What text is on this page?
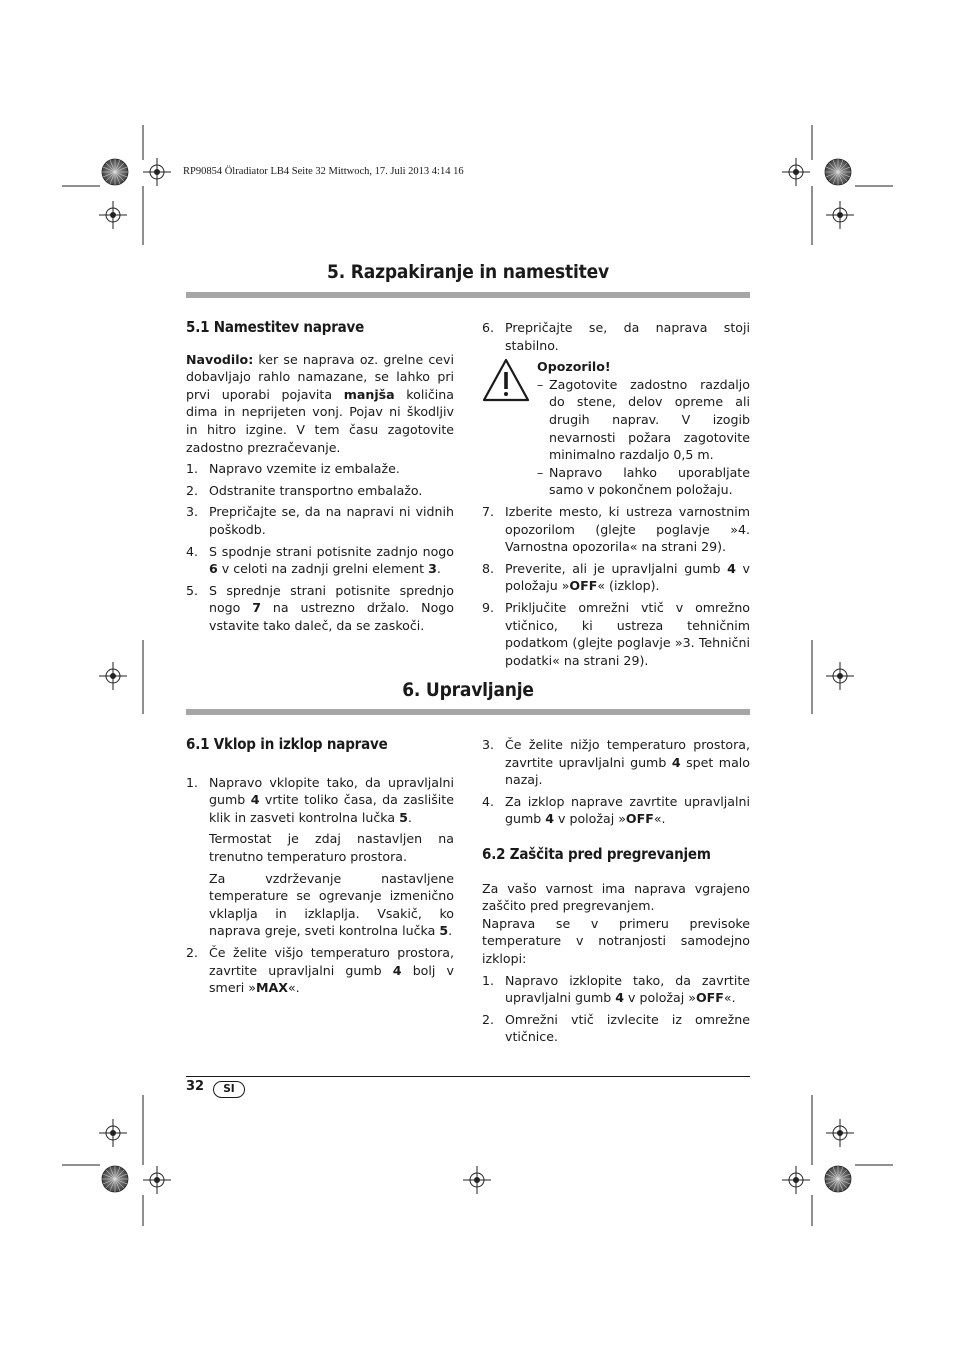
RP90854 Ölradiator LB4 Seite 32 Mittwoch, 17. Juli 2013 4:14 16
5. Razpakiranje in namestitev
5.1 Namestitev naprave

Navodilo: ker se naprava oz. grelne cevi dobavljajo rahlo namazane, se lahko pri prvi uporabi pojavita manjša količina dima in neprijeten vonj. Pojav ni škodljiv in hitro izgine. V tem času zagotovite zadostno prezračevanje.

1. Napravo vzemite iz embalaže.
2. Odstranite transportno embalažo.
3. Prepričajte se, da na napravi ni vidnih poškodb.
4. S spodnje strani potisnite zadnjo nogo 6 v celoti na zadnji grelni element 3.
5. S sprednje strani potisnite sprednjo nogo 7 na ustrezno držalo. Nogo vstavite tako daleč, da se zaskoči.
6. Prepričajte se, da naprava stoji stabilno.
Opozorilo!
– Zagotovite zadostno razdaljo do stene, delov opreme ali drugih naprav. V izogib nevarnosti požara zagotovite minimalno razdaljo 0,5 m.
– Napravo lahko uporabljate samo v pokončnem položaju.
7. Izberite mesto, ki ustreza varnostnim opozorilom (glejte poglavje »4. Varnostna opozorila« na strani 29).
8. Preverite, ali je upravljalni gumb 4 v položaju »OFF« (izklop).
9. Priključite omrežni vtič v omrežno vtičnico, ki ustreza tehničnim podatkom (glejte poglavje »3. Tehnični podatki« na strani 29).
6. Upravljanje
6.1 Vklop in izklop naprave
1. Napravo vklopite tako, da upravljalni gumb 4 vrtite toliko časa, da zaslišite klik in zasveti kontrolna lučka 5.

Termostat je zdaj nastavljen na trenutno temperaturo prostora.

Za vzdrževanje nastavljene temperature se ogrevanje izmenično vklaplja in izklaplja. Vsakič, ko naprava greje, sveti kontrolna lučka 5.

2. Če želite višjo temperaturo prostora, zavrtite upravljalni gumb 4 bolj v smeri »MAX«.
3. Če želite nižjo temperaturo prostora, zavrtite upravljalni gumb 4 spet malo nazaj.
4. Za izklop naprave zavrtite upravljalni gumb 4 v položaj »OFF«.
6.2 Zaščita pred pregrevanjem

Za vašo varnost ima naprava vgrajeno zaščito pred pregrevanjem.

Naprava se v primeru previsoke temperature v notranjosti samodejno izklopi:

1. Napravo izklopite tako, da zavrtite upravljalni gumb 4 v položaj »OFF«.
2. Omrežni vtič izvlecite iz omrežne vtičnice.
32	SI
